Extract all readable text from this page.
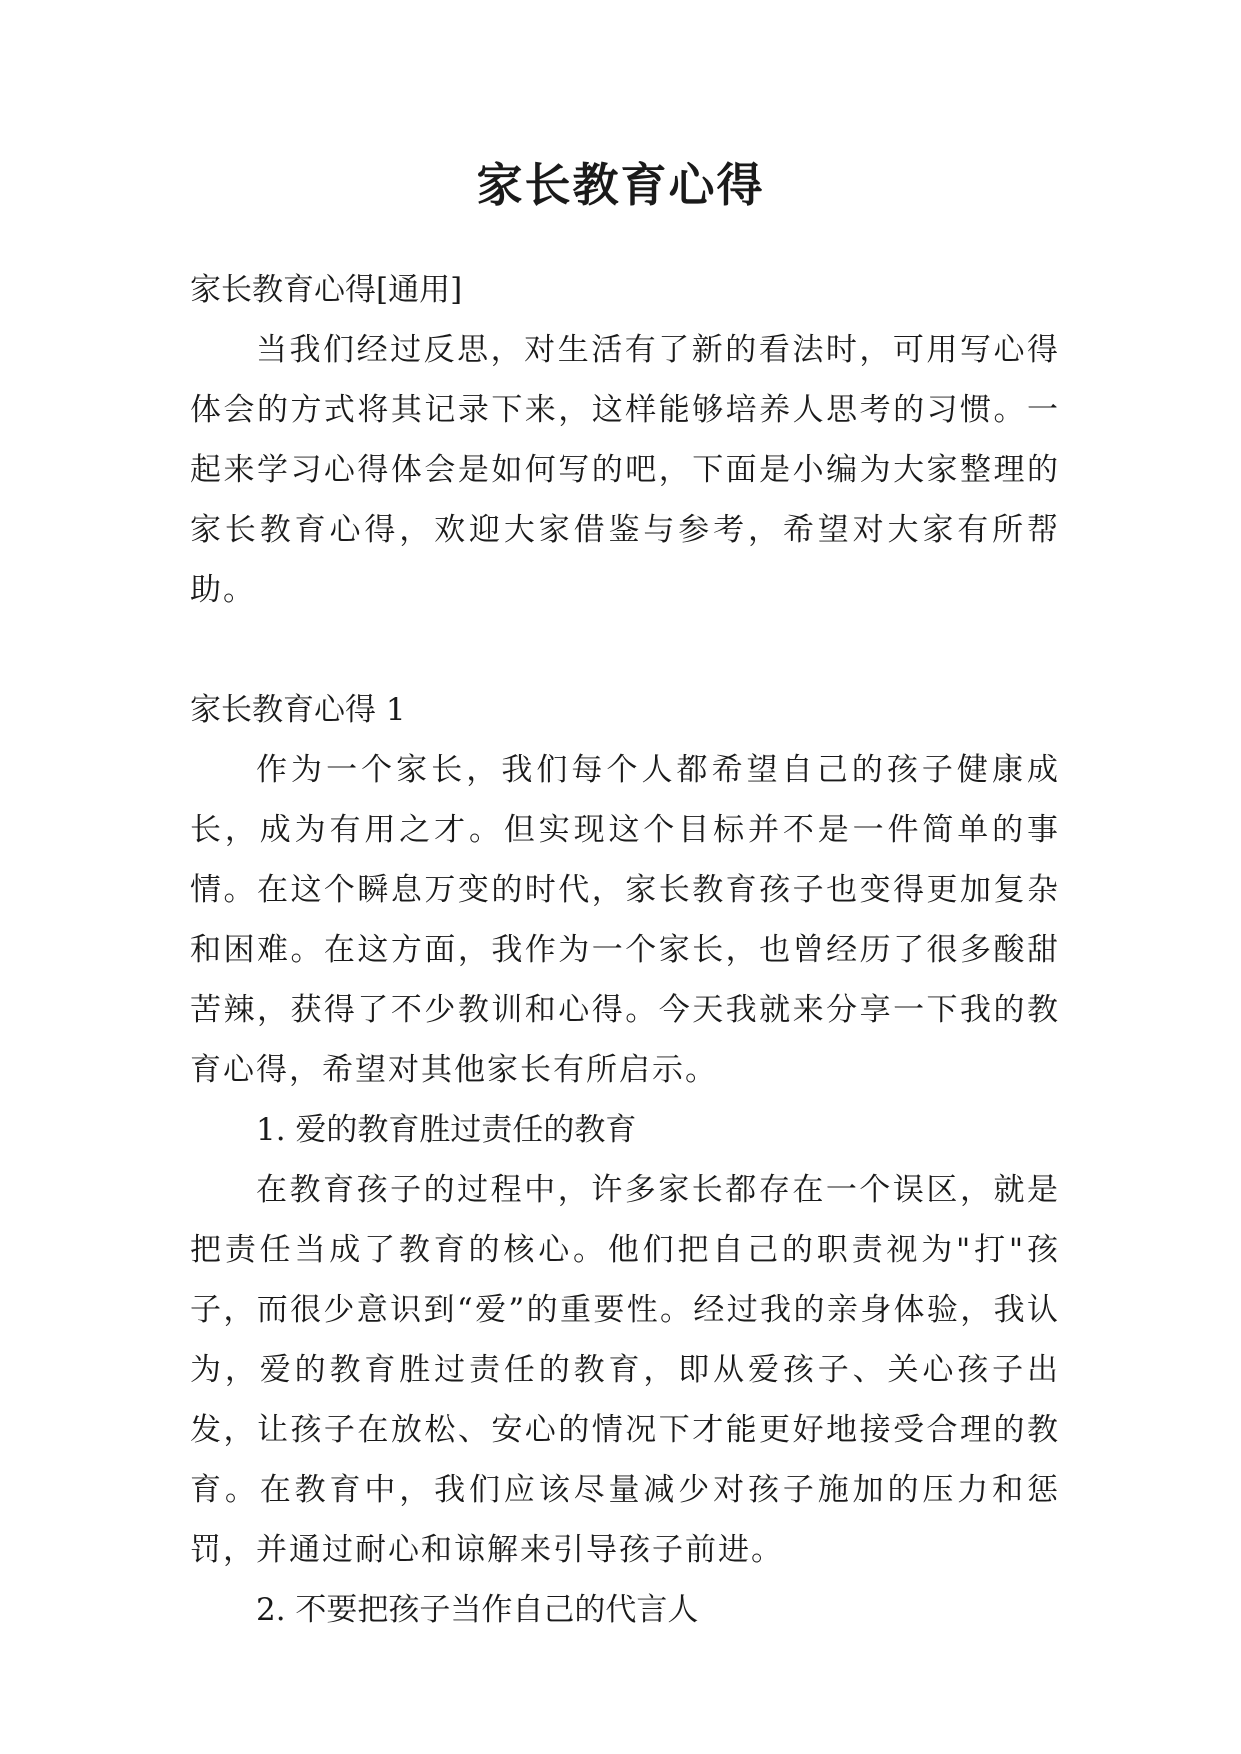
家长教育心得

家长教育心得[通用]

当我们经过反思，对生活有了新的看法时，可用写心得体会的方式将其记录下来，这样能够培养人思考的习惯。一起来学习心得体会是如何写的吧，下面是小编为大家整理的家长教育心得，欢迎大家借鉴与参考，希望对大家有所帮助。

家长教育心得 1

作为一个家长，我们每个人都希望自己的孩子健康成长，成为有用之才。但实现这个目标并不是一件简单的事情。在这个瞬息万变的时代，家长教育孩子也变得更加复杂和困难。在这方面，我作为一个家长，也曾经历了很多酸甜苦辣，获得了不少教训和心得。今天我就来分享一下我的教育心得，希望对其他家长有所启示。

1. 爱的教育胜过责任的教育

在教育孩子的过程中，许多家长都存在一个误区，就是把责任当成了教育的核心。他们把自己的职责视为"打"孩子，而很少意识到“爱”的重要性。经过我的亲身体验，我认为，爱的教育胜过责任的教育，即从爱孩子、关心孩子出发，让孩子在放松、安心的情况下才能更好地接受合理的教育。在教育中，我们应该尽量减少对孩子施加的压力和惩罚，并通过耐心和谅解来引导孩子前进。

2. 不要把孩子当作自己的代言人
